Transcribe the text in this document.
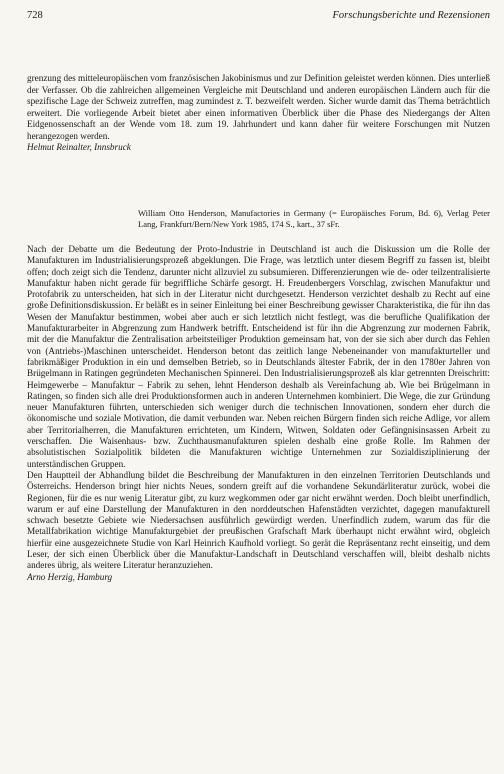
728	Forschungsberichte und Rezensionen

grenzung des mitteleuropäischen vom französischen Jakobinismus und zur Definition geleistet werden können. Dies unterließ der Verfasser. Ob die zahlreichen allgemeinen Vergleiche mit Deutschland und anderen europäischen Ländern auch für die spezifische Lage der Schweiz zutreffen, mag zumindest z. T. bezweifelt werden. Sicher wurde damit das Thema beträchtlich erweitert. Die vorliegende Arbeit bietet aber einen informativen Überblick über die Phase des Niedergangs der Alten Eidgenossenschaft an der Wende vom 18. zum 19. Jahrhundert und kann daher für weitere Forschungen mit Nutzen herangezogen werden.

Helmut Reinalter, Innsbruck

William Otto Henderson, Manufactories in Germany (= Europäisches Forum, Bd. 6), Verlag Peter Lang, Frankfurt/Bern/New York 1985, 174 S., kart., 37 sFr.

Nach der Debatte um die Bedeutung der Proto-Industrie in Deutschland ist auch die Diskussion um die Rolle der Manufakturen im Industrialisierungsprozeß abgeklungen. Die Frage, was letztlich unter diesem Begriff zu fassen ist, bleibt offen; doch zeigt sich die Tendenz, darunter nicht allzuviel zu subsumieren. Differenzierungen wie de- oder teilzentralisierte Manufaktur haben nicht gerade für begriffliche Schärfe gesorgt. H. Freudenbergers Vorschlag, zwischen Manufaktur und Protofabrik zu unterscheiden, hat sich in der Literatur nicht durchgesetzt. Henderson verzichtet deshalb zu Recht auf eine große Definitionsdiskussion. Er beläßt es in seiner Einleitung bei einer Beschreibung gewisser Charakteristika, die für ihn das Wesen der Manufaktur bestimmen, wobei aber auch er sich letztlich nicht festlegt, was die berufliche Qualifikation der Manufakturarbeiter in Abgrenzung zum Handwerk betrifft. Entscheidend ist für ihn die Abgrenzung zur modernen Fabrik, mit der die Manufaktur die Zentralisation arbeitsteiliger Produktion gemeinsam hat, von der sie sich aber durch das Fehlen von (Antriebs-)Maschinen unterscheidet. Henderson betont das zeitlich lange Nebeneinander von manufakturteller und fabrikmäßiger Produktion in ein und demselben Betrieb, so in Deutschlands ältester Fabrik, der in den 1780er Jahren von Brügelmann in Ratingen gegründeten Mechanischen Spinnerei. Den Industrialisierungsprozeß als klar getrennten Dreischritt: Heimgewerbe – Manufaktur – Fabrik zu sehen, lehnt Henderson deshalb als Vereinfachung ab. Wie bei Brügelmann in Ratingen, so finden sich alle drei Produktionsformen auch in anderen Unternehmen kombiniert. Die Wege, die zur Gründung neuer Manufakturen führten, unterschieden sich weniger durch die technischen Innovationen, sondern eher durch die ökonomische und soziale Motivation, die damit verbunden war. Neben reichen Bürgern finden sich reiche Adlige, vor allem aber Territorialherren, die Manufakturen errichteten, um Kindern, Witwen, Soldaten oder Gefängnisinsassen Arbeit zu verschaffen. Die Waisenhaus- bzw. Zuchthausmanufakturen spielen deshalb eine große Rolle. Im Rahmen der absolutistischen Sozialpolitik bildeten die Manufakturen wichtige Unternehmen zur Sozialdisziplinierung der unterständischen Gruppen.

Den Hauptteil der Abhandlung bildet die Beschreibung der Manufakturen in den einzelnen Territorien Deutschlands und Österreichs. Henderson bringt hier nichts Neues, sondern greift auf die vorhandene Sekundärliteratur zurück, wobei die Regionen, für die es nur wenig Literatur gibt, zu kurz wegkommen oder gar nicht erwähnt werden. Doch bleibt unerfindlich, warum er auf eine Darstellung der Manufakturen in den norddeutschen Hafenstädten verzichtet, dagegen manufakturell schwach besetzte Gebiete wie Niedersachsen ausführlich gewürdigt werden. Unerfindlich zudem, warum das für die Metallfabrikation wichtige Manufakturgebiet der preußischen Grafschaft Mark überhaupt nicht erwähnt wird, obgleich hierfür eine ausgezeichnete Studie von Karl Heinrich Kaufhold vorliegt. So gerät die Repräsentanz recht einseitig, und dem Leser, der sich einen Überblick über die Manufaktur-Landschaft in Deutschland verschaffen will, bleibt deshalb nichts anderes übrig, als weitere Literatur heranzuziehen.

Arno Herzig, Hamburg
